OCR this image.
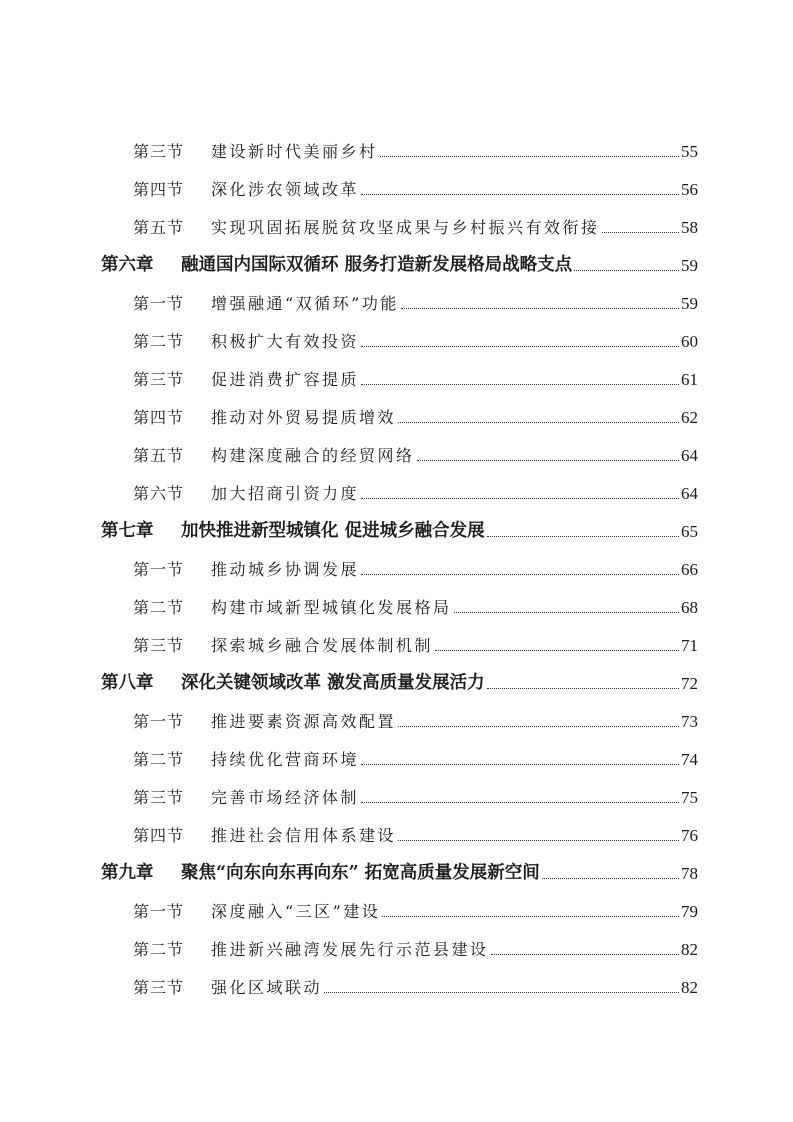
第三节	建设新时代美丽乡村	55
第四节	深化涉农领域改革	56
第五节	实现巩固拓展脱贫攻坚成果与乡村振兴有效衔接	58
第六章	融通国内国际双循环 服务打造新发展格局战略支点	59
第一节	增强融通“双循环”功能	59
第二节	积极扩大有效投资	60
第三节	促进消费扩容提质	61
第四节	推动对外贸易提质增效	62
第五节	构建深度融合的经贸网络	64
第六节	加大招商引资力度	64
第七章	加快推进新型城镇化 促进城乡融合发展	65
第一节	推动城乡协调发展	66
第二节	构建市域新型城镇化发展格局	68
第三节	探索城乡融合发展体制机制	71
第八章	深化关键领域改革 激发高质量发展活力	72
第一节	推进要素资源高效配置	73
第二节	持续优化营商环境	74
第三节	完善市场经济体制	75
第四节	推进社会信用体系建设	76
第九章	聚焦“向东向东再向东” 拓宽高质量发展新空间	78
第一节	深度融入“三区”建设	79
第二节	推进新兴融湾发展先行示范县建设	82
第三节	强化区域联动	82
